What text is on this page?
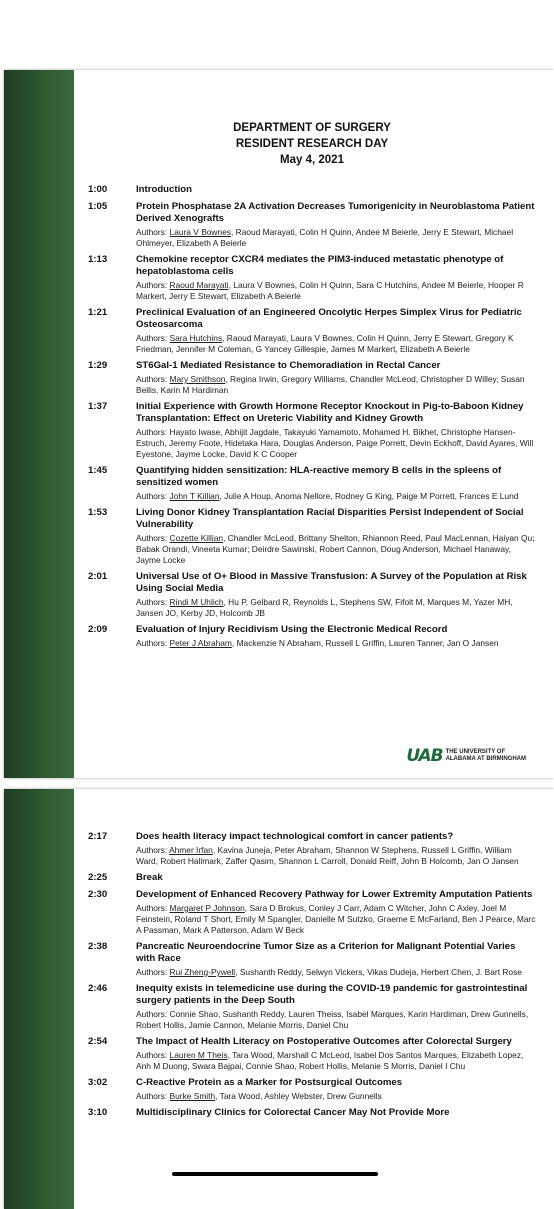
DEPARTMENT OF SURGERY
RESIDENT RESEARCH DAY
May 4, 2021
1:00	Introduction
1:05	Protein Phosphatase 2A Activation Decreases Tumorigenicity in Neuroblastoma Patient Derived Xenografts
Authors: Laura V Bownes, Raoud Marayati, Colin H Quinn, Andee M Beierle, Jerry E Stewart, Michael Ohlmeyer, Elizabeth A Beierle
1:13	Chemokine receptor CXCR4 mediates the PIM3-induced metastatic phenotype of hepatoblastoma cells
Authors: Raoud Marayati, Laura V Bownes, Colin H Quinn, Sara C Hutchins, Andee M Beierle, Hooper R Markert, Jerry E Stewart, Elizabeth A Beierle
1:21	Preclinical Evaluation of an Engineered Oncolytic Herpes Simplex Virus for Pediatric Osteosarcoma
Authors: Sara Hutchins, Raoud Marayati, Laura V Bownes, Colin H Quinn, Jerry E Stewart, Gregory K Friedman, Jennifer M Coleman, G Yancey Gillespie, James M Markert, Elizabeth A Beierle
1:29	ST6Gal-1 Mediated Resistance to Chemoradiation in Rectal Cancer
Authors: Mary Smithson, Regina Irwin, Gregory Williams, Chandler McLeod, Christopher D Willey, Susan Bellis, Karin M Hardiman
1:37	Initial Experience with Growth Hormone Receptor Knockout in Pig-to-Baboon Kidney Transplantation: Effect on Ureteric Viability and Kidney Growth
Authors: Hayato Iwase, Abhijit Jagdale, Takayuki Yamamoto, Mohamed H. Bikhet, Christophe Hansen-Estruch, Jeremy Foote, Hidetaka Hara, Douglas Anderson, Paige Porrett, Devin Eckhoff, David Ayares, Will Eyestone, Jayme Locke, David K C Cooper
1:45	Quantifying hidden sensitization: HLA-reactive memory B cells in the spleens of sensitized women
Authors: John T Killian, Julie A Houp, Anoma Nellore, Rodney G King, Paige M Porrett, Frances E Lund
1:53	Living Donor Kidney Transplantation Racial Disparities Persist Independent of Social Vulnerability
Authors: Cozette Killian, Chandler McLeod, Brittany Shelton, Rhiannon Reed, Paul MacLennan, Haiyan Qu; Babak Orandi, Vineeta Kumar; Deirdre Sawinski, Robert Cannon, Doug Anderson, Michael Hanaway, Jayme Locke
2:01	Universal Use of O+ Blood in Massive Transfusion: A Survey of the Population at Risk Using Social Media
Authors: Rindi M Uhlich, Hu P, Gelbard R, Reynolds L, Stephens SW, Fifolt M, Marques M, Yazer MH, Jansen JO, Kerby JD, Holcomb JB
2:09	Evaluation of Injury Recidivism Using the Electronic Medical Record
Authors: Peter J Abraham, Mackenzie N Abraham, Russell L Griffin, Lauren Tanner, Jan O Jansen
UAB THE UNIVERSITY OF
ALABAMA AT BIRMINGHAM
2:17	Does health literacy impact technological comfort in cancer patients?
Authors: Ahmer Irfan, Kavina Juneja, Peter Abraham, Shannon W Stephens, Russell L Griffin, William Ward, Robert Hallmark, Zaffer Qasim, Shannon L Carroll, Donald Reiff, John B Holcomb, Jan O Jansen
2:25	Break
2:30	Development of Enhanced Recovery Pathway for Lower Extremity Amputation Patients
Authors: Margaret P Johnson, Sara D Brokus, Conley J Carr, Adam C Witcher, John C Axley, Joel M Feinstein, Roland T Short, Emily M Spangler, Danielle M Sutzko, Graeme E McFarland, Ben J Pearce, Marc A Passman, Mark A Patterson, Adam W Beck
2:38	Pancreatic Neuroendocrine Tumor Size as a Criterion for Malignant Potential Varies with Race
Authors: Rui Zheng-Pywell, Sushanth Reddy, Selwyn Vickers, Vikas Dudeja, Herbert Chen, J. Bart Rose
2:46	Inequity exists in telemedicine use during the COVID-19 pandemic for gastrointestinal surgery patients in the Deep South
Authors: Connie Shao, Sushanth Reddy, Lauren Theiss, Isabel Marques, Karin Hardiman, Drew Gunnells, Robert Hollis, Jamie Cannon, Melanie Morris, Daniel Chu
2:54	The Impact of Health Literacy on Postoperative Outcomes after Colorectal Surgery
Authors: Lauren M Theis, Tara Wood, Marshall C McLeod, Isabel Dos Santos Marques, Elizabeth Lopez, Anh M Duong, Swara Bajpai, Connie Shao, Robert Hollis, Melanie S Morris, Daniel I Chu
3:02	C-Reactive Protein as a Marker for Postsurgical Outcomes
Authors: Burke Smith, Tara Wood, Ashley Webster, Drew Gunnells
3:10	Multidisciplinary Clinics for Colorectal Cancer May Not Provide More
